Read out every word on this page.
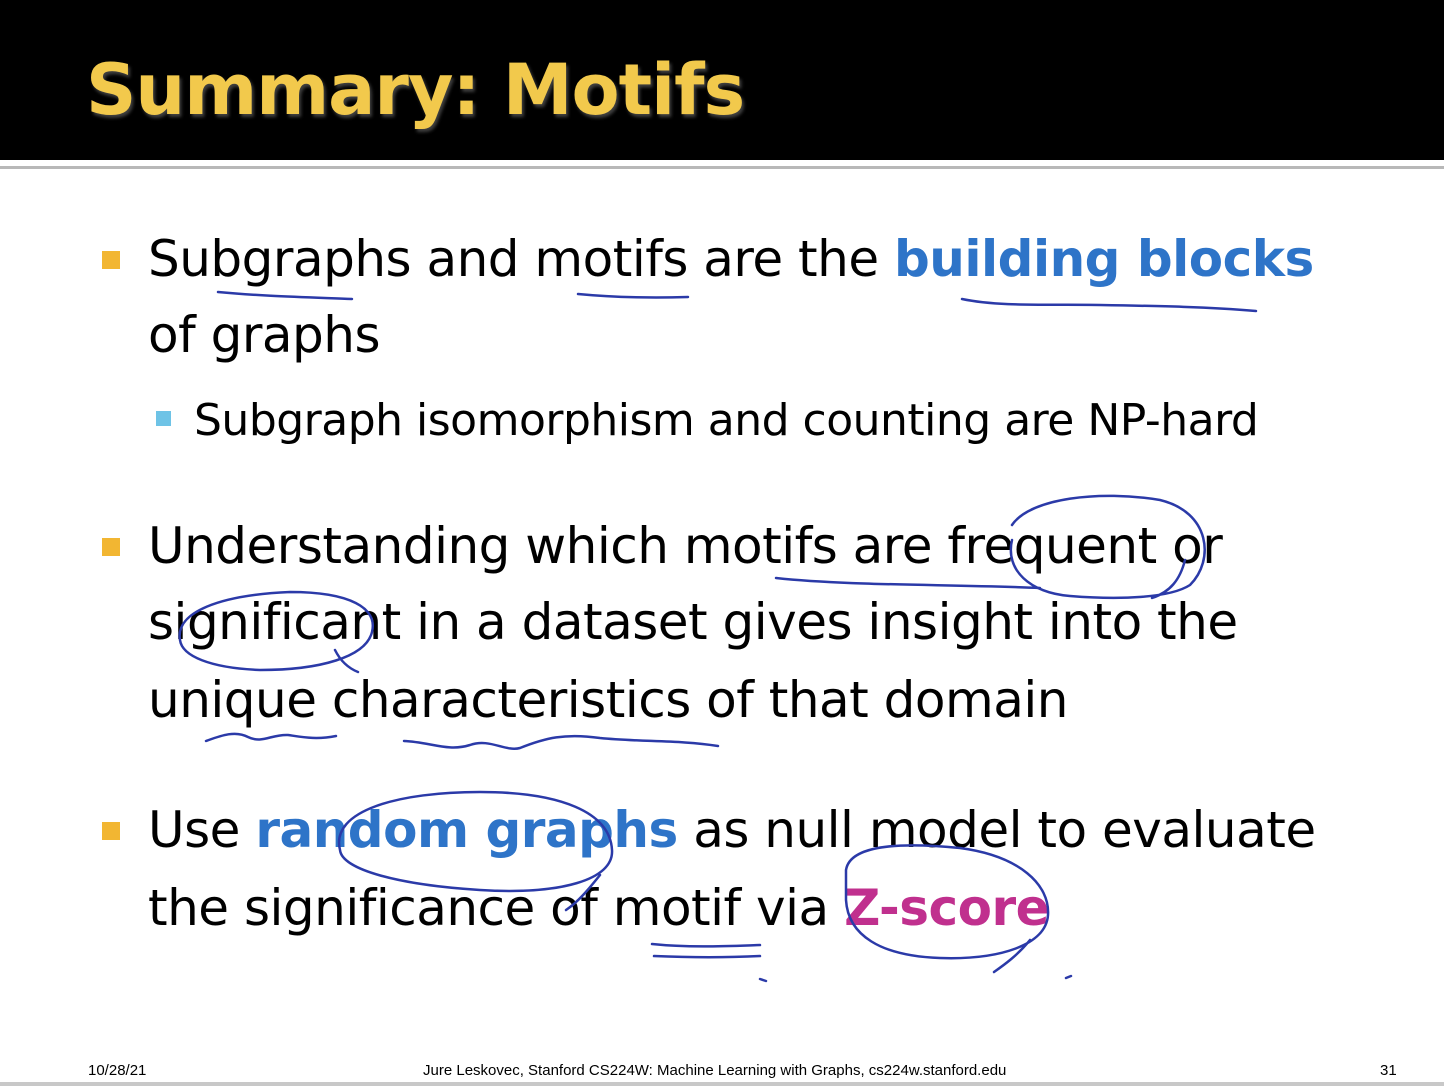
Summary: Motifs
Subgraphs and motifs are the building blocks
of graphs
Subgraph isomorphism and counting are NP-hard
Understanding which motifs are frequent or
significant in a dataset gives insight into the
unique characteristics of that domain
Use random graphs as null model to evaluate
the significance of motif via Z-score
10/28/21	Jure Leskovec, Stanford CS224W: Machine Learning with Graphs, cs224w.stanford.edu	31
